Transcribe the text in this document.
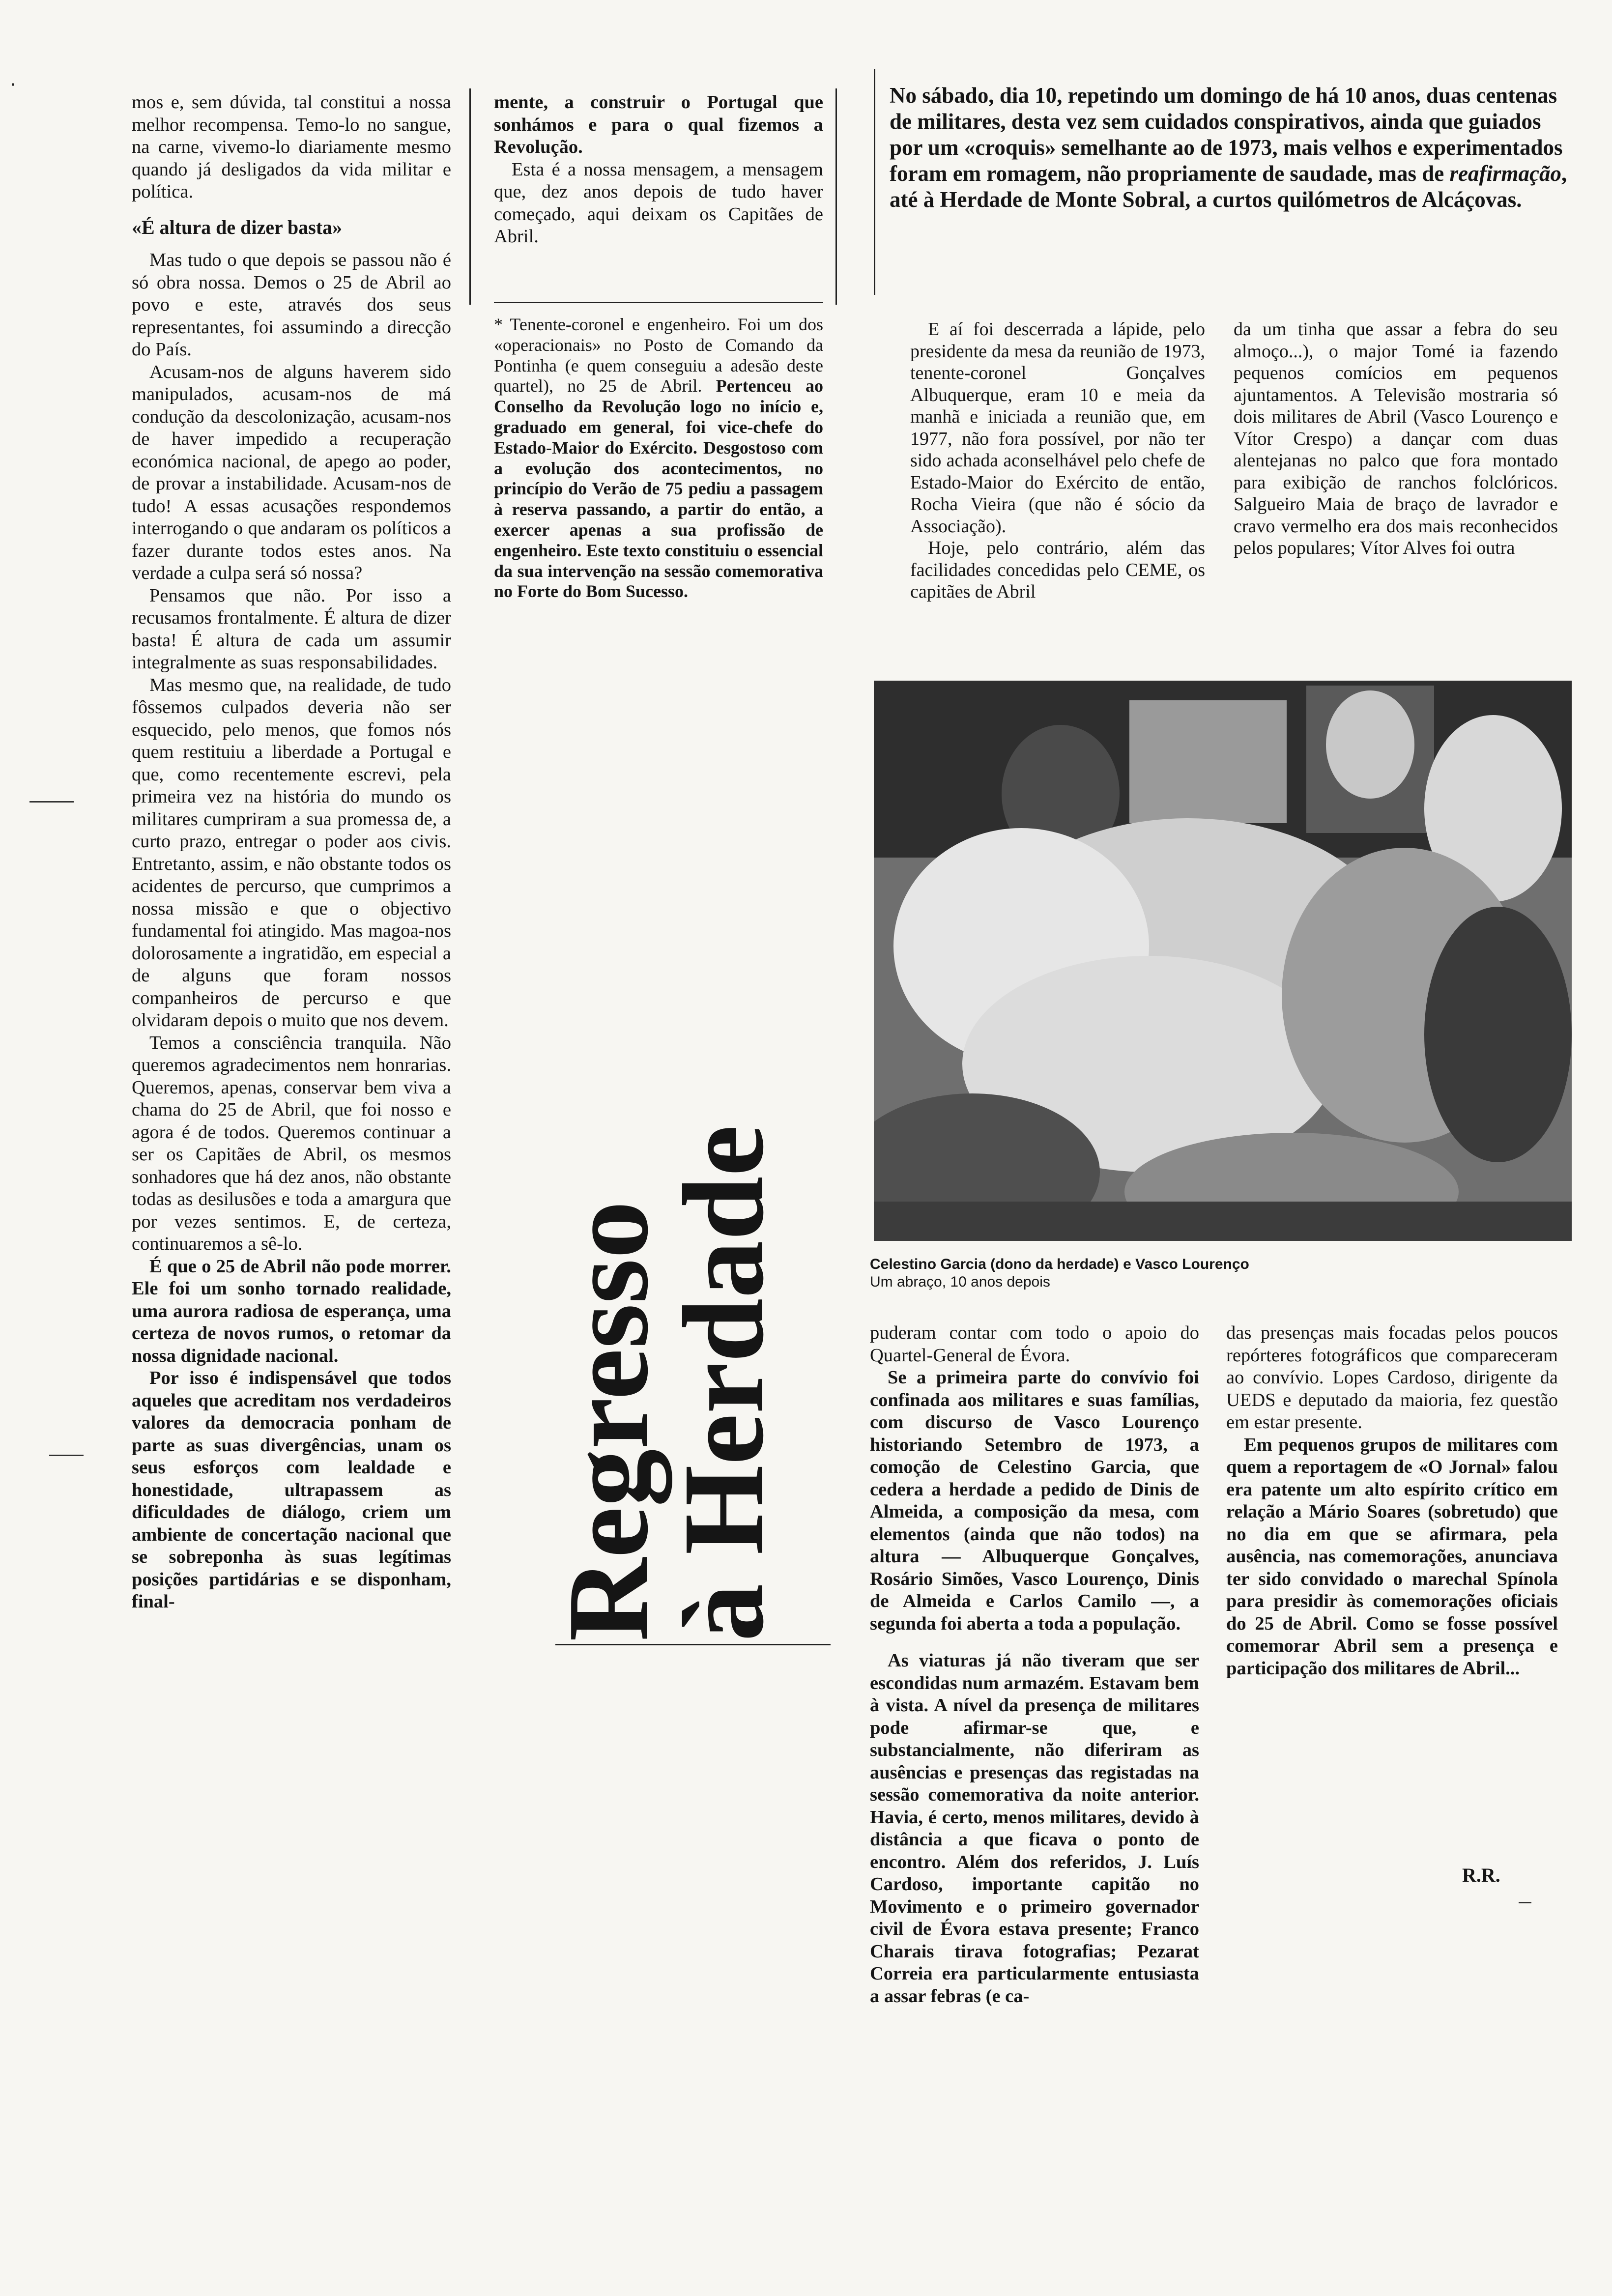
mos e, sem dúvida, tal constitui a nossa melhor recompensa. Temo-lo no sangue, na carne, vivemo-lo diariamente mesmo quando já desligados da vida militar e política.

«É altura de dizer basta»

Mas tudo o que depois se passou não é só obra nossa. Demos o 25 de Abril ao povo e este, através dos seus representantes, foi assumindo a direcção do País.

Acusam-nos de alguns haverem sido manipulados, acusam-nos de má condução da descolonização, acusam-nos de haver impedido a recuperação económica nacional, de apego ao poder, de provar a instabilidade. Acusam-nos de tudo! A essas acusações respondemos interrogando o que andaram os políticos a fazer durante todos estes anos. Na verdade a culpa será só nossa?

Pensamos que não. Por isso a recusamos frontalmente. É altura de dizer basta! É altura de cada um assumir integralmente as suas responsabilidades.

Mas mesmo que, na realidade, de tudo fôssemos culpados deveria não ser esquecido, pelo menos, que fomos nós quem restituiu a liberdade a Portugal e que, como recentemente escrevi, pela primeira vez na história do mundo os militares cumpriram a sua promessa de, a curto prazo, entregar o poder aos civis. Entretanto, assim, e não obstante todos os acidentes de percurso, que cumprimos a nossa missão e que o objectivo fundamental foi atingido. Mas magoa-nos dolorosamente a ingratidão, em especial a de alguns que foram nossos companheiros de percurso e que olvidaram depois o muito que nos devem.

Temos a consciência tranquila. Não queremos agradecimentos nem honrarias. Queremos, apenas, conservar bem viva a chama do 25 de Abril, que foi nosso e agora é de todos. Queremos continuar a ser os Capitães de Abril, os mesmos sonhadores que há dez anos, não obstante todas as desilusões e toda a amargura que por vezes sentimos. E, de certeza, continuaremos a sê-lo.

É que o 25 de Abril não pode morrer. Ele foi um sonho tornado realidade, uma aurora radiosa de esperança, uma certeza de novos rumos, o retomar da nossa dignidade nacional.

Por isso é indispensável que todos aqueles que acreditam nos verdadeiros valores da democracia ponham de parte as suas divergências, unam os seus esforços com lealdade e honestidade, ultrapassem as dificuldades de diálogo, criem um ambiente de concertação nacional que se sobreponha às suas legítimas posições partidárias e se disponham, final-

mente, a construir o Portugal que sonhámos e para o qual fizemos a Revolução.

Esta é a nossa mensagem, a mensagem que, dez anos depois de tudo haver começado, aqui deixam os Capitães de Abril.

* Tenente-coronel e engenheiro. Foi um dos «operacionais» no Posto de Comando da Pontinha (e quem conseguiu a adesão deste quartel), no 25 de Abril. Pertenceu ao Conselho da Revolução logo no início e, graduado em general, foi vice-chefe do Estado-Maior do Exército. Desgostoso com a evolução dos acontecimentos, no princípio do Verão de 75 pediu a passagem à reserva passando, a partir do então, a exercer apenas a sua profissão de engenheiro. Este texto constituiu o essencial da sua intervenção na sessão comemorativa no Forte do Bom Sucesso.

No sábado, dia 10, repetindo um domingo de há 10 anos, duas centenas de militares, desta vez sem cuidados conspirativos, ainda que guiados por um «croquis» semelhante ao de 1973, mais velhos e experimentados foram em romagem, não propriamente de saudade, mas de reafirmação, até à Herdade de Monte Sobral, a curtos quilómetros de Alcáçovas.

E aí foi descerrada a lápide, pelo presidente da mesa da reunião de 1973, tenente-coronel Gonçalves Albuquerque, eram 10 e meia da manhã e iniciada a reunião que, em 1977, não fora possível, por não ter sido achada aconselhável pelo chefe de Estado-Maior do Exército de então, Rocha Vieira (que não é sócio da Associação).

Hoje, pelo contrário, além das facilidades concedidas pelo CEME, os capitães de Abril

da um tinha que assar a febra do seu almoço...), o major Tomé ia fazendo pequenos comícios em pequenos ajuntamentos. A Televisão mostraria só dois militares de Abril (Vasco Lourenço e Vítor Crespo) a dançar com duas alentejanas no palco que fora montado para exibição de ranchos folclóricos. Salgueiro Maia de braço de lavrador e cravo vermelho era dos mais reconhecidos pelos populares; Vítor Alves foi outra

Celestino Garcia (dono da herdade) e Vasco Lourenço
Um abraço, 10 anos depois
Regresso
à Herdade	puderam contar com todo o apoio do Quartel-General de Évora.

Se a primeira parte do convívio foi confinada aos militares e suas famílias, com discurso de Vasco Lourenço historiando Setembro de 1973, a comoção de Celestino Garcia, que cedera a herdade a pedido de Dinis de Almeida, a composição da mesa, com elementos (ainda que não todos) na altura — Albuquerque Gonçalves, Rosário Simões, Vasco Lourenço, Dinis de Almeida e Carlos Camilo —, a segunda foi aberta a toda a população.

As viaturas já não tiveram que ser escondidas num armazém. Estavam bem à vista. A nível da presença de militares pode afirmar-se que, e substancialmente, não diferiram as ausências e presenças das registadas na sessão comemorativa da noite anterior. Havia, é certo, menos militares, devido à distância a que ficava o ponto de encontro. Além dos referidos, J. Luís Cardoso, importante capitão no Movimento e o primeiro governador civil de Évora estava presente; Franco Charais tirava fotografias; Pezarat Correia era particularmente entusiasta a assar febras (e ca-

das presenças mais focadas pelos poucos repórteres fotográficos que compareceram ao convívio. Lopes Cardoso, dirigente da UEDS e deputado da maioria, fez questão em estar presente.

Em pequenos grupos de militares com quem a reportagem de «O Jornal» falou era patente um alto espírito crítico em relação a Mário Soares (sobretudo) que no dia em que se afirmara, pela ausência, nas comemorações, anunciava ter sido convidado o marechal Spínola para presidir às comemorações oficiais do 25 de Abril. Como se fosse possível comemorar Abril sem a presença e participação dos militares de Abril...

R.R.
·
